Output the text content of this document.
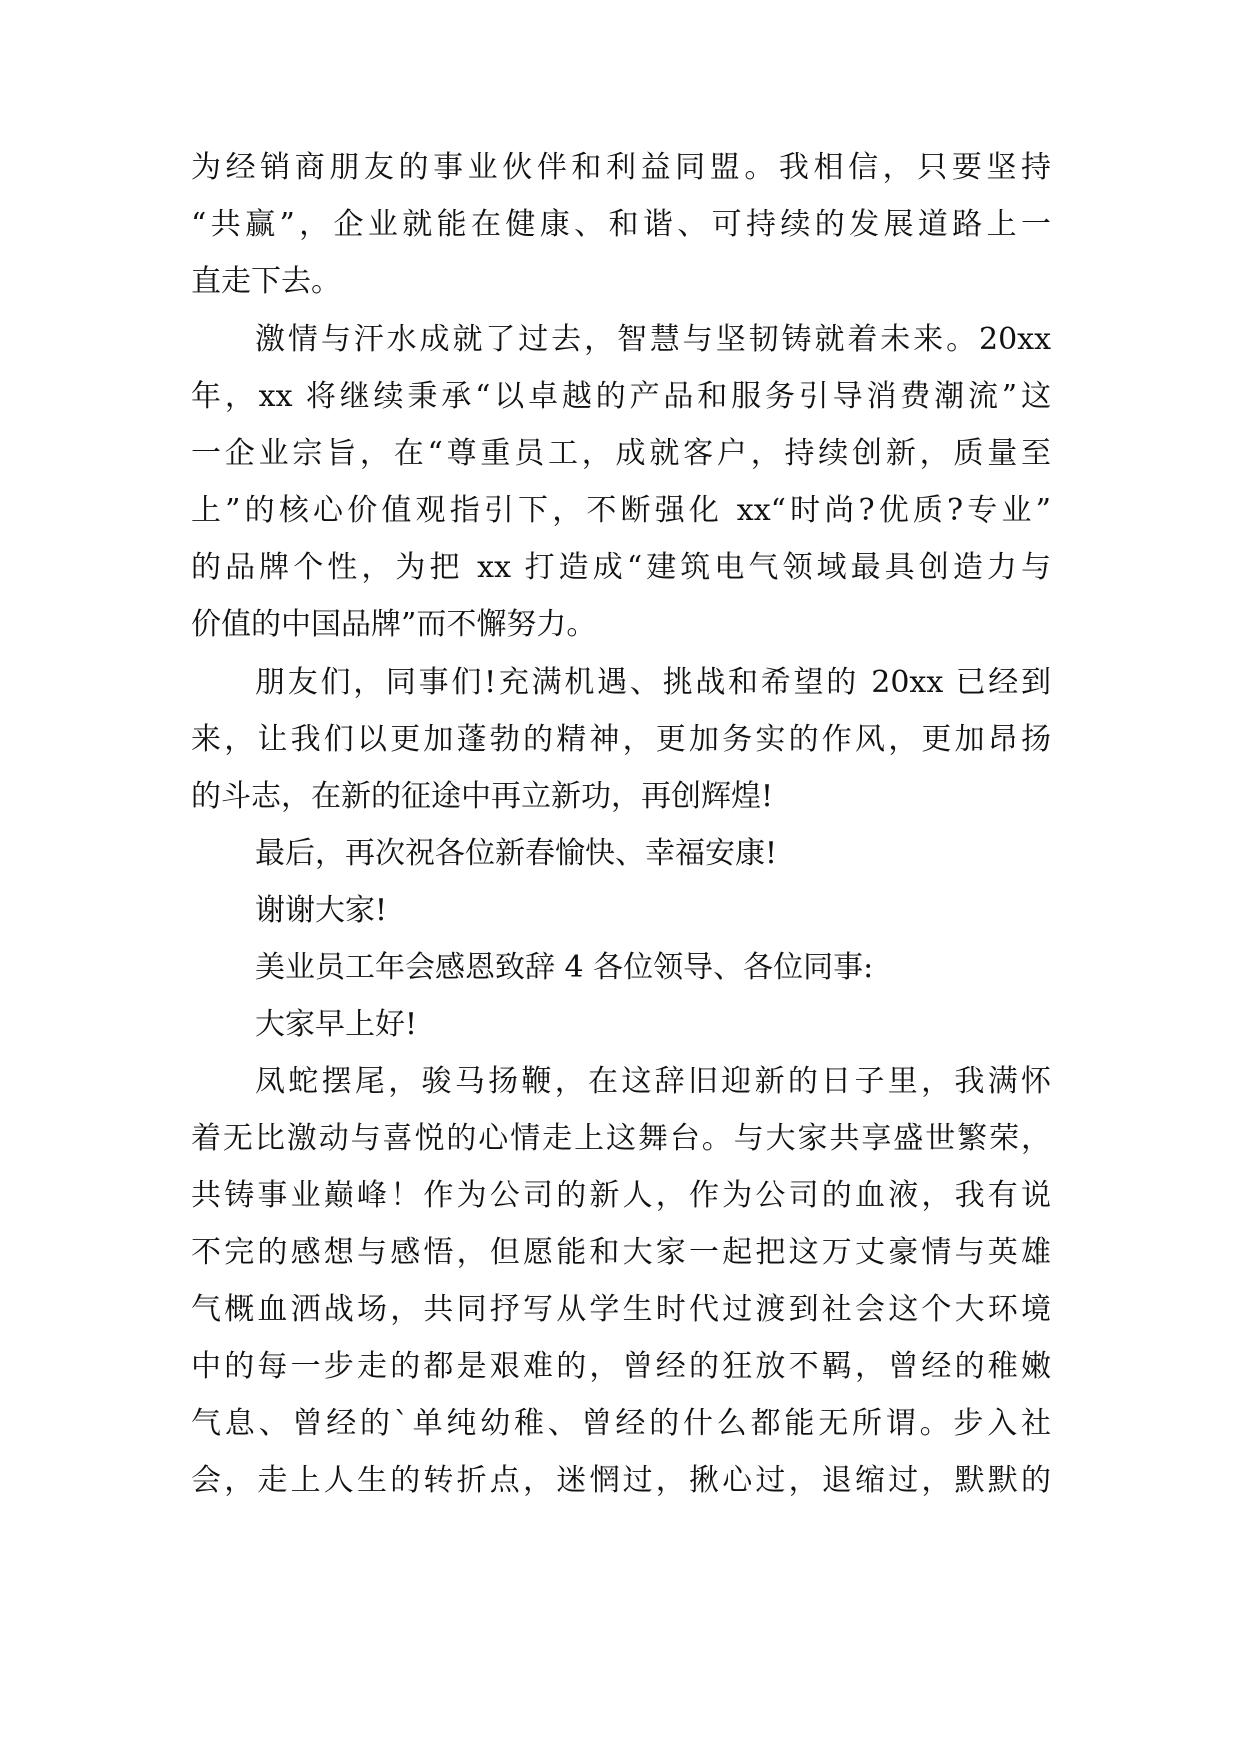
为经销商朋友的事业伙伴和利益同盟。我相信，只要坚持
“共赢”，企业就能在健康、和谐、可持续的发展道路上一
直走下去。
激情与汗水成就了过去，智慧与坚韧铸就着未来。20xx
年，xx 将继续秉承“以卓越的产品和服务引导消费潮流”这
一企业宗旨，在“尊重员工，成就客户，持续创新，质量至
上”的核心价值观指引下，不断强化 xx“时尚?优质?专业”
的品牌个性，为把 xx 打造成“建筑电气领域最具创造力与
价值的中国品牌”而不懈努力。
朋友们，同事们!充满机遇、挑战和希望的 20xx 已经到
来，让我们以更加蓬勃的精神，更加务实的作风，更加昂扬
的斗志，在新的征途中再立新功，再创辉煌!
最后，再次祝各位新春愉快、幸福安康!
谢谢大家!
美业员工年会感恩致辞 4 各位领导、各位同事:
大家早上好!
凤蛇摆尾，骏马扬鞭，在这辞旧迎新的日子里，我满怀
着无比激动与喜悦的心情走上这舞台。与大家共享盛世繁荣，
共铸事业巅峰！作为公司的新人，作为公司的血液，我有说
不完的感想与感悟，但愿能和大家一起把这万丈豪情与英雄
气概血洒战场，共同抒写从学生时代过渡到社会这个大环境
中的每一步走的都是艰难的，曾经的狂放不羁，曾经的稚嫩
气息、曾经的`单纯幼稚、曾经的什么都能无所谓。步入社
会，走上人生的转折点，迷惘过，揪心过，退缩过，默默的
